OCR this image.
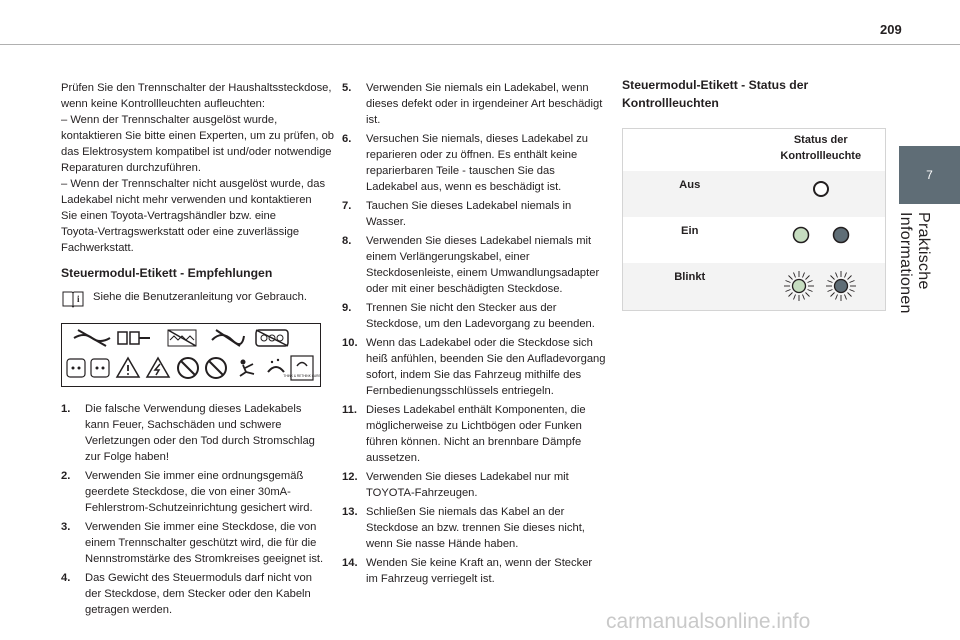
209
7
Praktische Informationen
Prüfen Sie den Trennschalter der Haushaltssteckdose,
wenn keine Kontrollleuchten aufleuchten:
– Wenn der Trennschalter ausgelöst wurde,
kontaktieren Sie bitte einen Experten, um zu prüfen, ob
das Elektrosystem kompatibel ist und/oder notwendige
Reparaturen durchzuführen.
– Wenn der Trennschalter nicht ausgelöst wurde, das
Ladekabel nicht mehr verwenden und kontaktieren
Sie einen Toyota-Vertragshändler bzw. eine
Toyota-Vertragswerkstatt oder eine zuverlässige
Fachwerkstatt.
Steuermodul-Etikett - Empfehlungen
i Siehe die Benutzeranleitung vor Gebrauch.
THINK & RETHINK CARE
1.	Die falsche Verwendung dieses Ladekabels kann Feuer, Sachschäden und schwere Verletzungen oder den Tod durch Stromschlag zur Folge haben!
2.	Verwenden Sie immer eine ordnungsgemäß geerdete Steckdose, die von einer 30mA-Fehlerstrom-Schutzeinrichtung gesichert wird.
3.	Verwenden Sie immer eine Steckdose, die von einem Trennschalter geschützt wird, die für die Nennstromstärke des Stromkreises geeignet ist.
4.	Das Gewicht des Steuermoduls darf nicht von der Steckdose, dem Stecker oder den Kabeln getragen werden.
5.	Verwenden Sie niemals ein Ladekabel, wenn dieses defekt oder in irgendeiner Art beschädigt ist.
6.	Versuchen Sie niemals, dieses Ladekabel zu reparieren oder zu öffnen. Es enthält keine reparierbaren Teile - tauschen Sie das Ladekabel aus, wenn es beschädigt ist.
7.	Tauchen Sie dieses Ladekabel niemals in Wasser.
8.	Verwenden Sie dieses Ladekabel niemals mit einem Verlängerungskabel, einer Steckdosenleiste, einem Umwandlungsadapter oder mit einer beschädigten Steckdose.
9.	Trennen Sie nicht den Stecker aus der Steckdose, um den Ladevorgang zu beenden.
10. Wenn das Ladekabel oder die Steckdose sich heiß anfühlen, beenden Sie den Aufladevorgang sofort, indem Sie das Fahrzeug mithilfe des Fernbedienungsschlüssels entriegeln.
11. Dieses Ladekabel enthält Komponenten, die möglicherweise zu Lichtbögen oder Funken führen können. Nicht an brennbare Dämpfe aussetzen.
12. Verwenden Sie dieses Ladekabel nur mit TOYOTA-Fahrzeugen.
13. Schließen Sie niemals das Kabel an der Steckdose an bzw. trennen Sie dieses nicht, wenn Sie nasse Hände haben.
14. Wenden Sie keine Kraft an, wenn der Stecker im Fahrzeug verriegelt ist.
Steuermodul-Etikett - Status der Kontrollleuchten
	Status der Kontrollleuchte
Aus	
Ein	
Blinkt	
carmanualsonline.info
